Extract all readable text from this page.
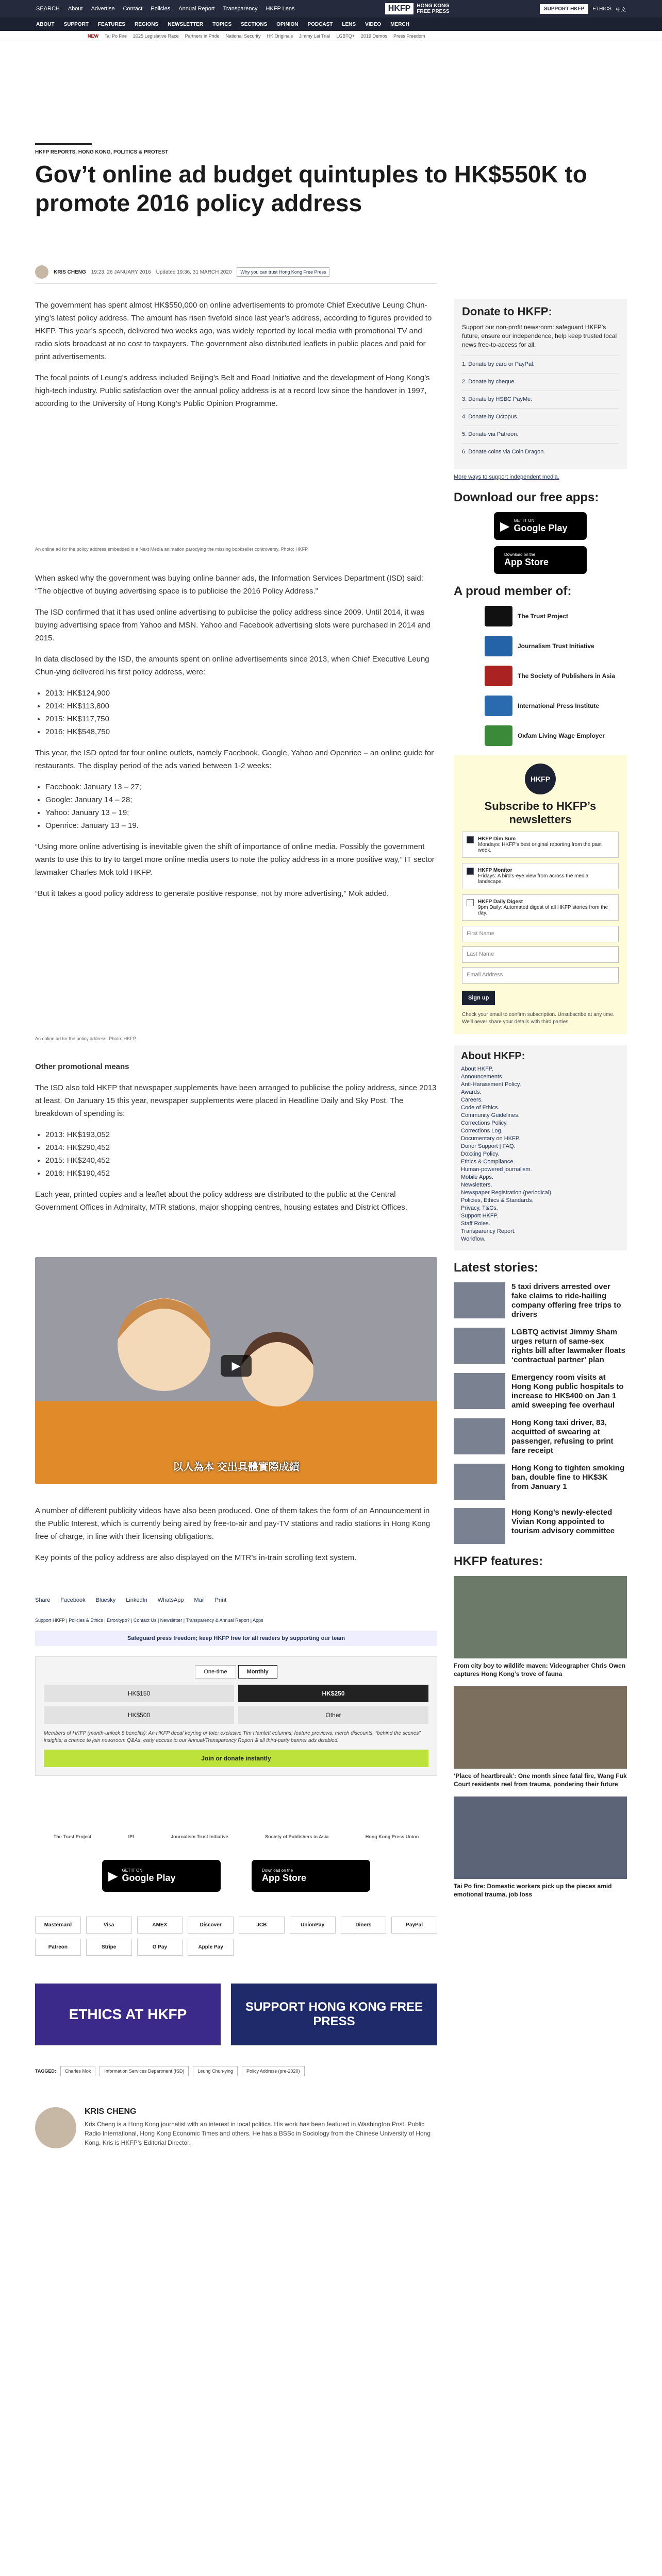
SEARCH About Advertise Contact Policies Annual Report Transparency HKFP Lens	HKFP	HONG KONG
FREE PRESS	SUPPORT HKFP	ETHICS 中文
ABOUT SUPPORT FEATURES REGIONS NEWSLETTER TOPICS SECTIONS OPINION PODCAST LENS VIDEO MERCH
NEW Tai Po Fire 2025 Legislative Race Partners in Pride National Security HK Originals Jimmy Lai Trial LGBTQ+ 2019 Demos Press Freedom
HKFP REPORTS, HONG KONG, POLITICS & PROTEST
Gov’t online ad budget quintuples to HK$550K to promote 2016 policy address
KRIS CHENG 19:23, 26 JANUARY 2016 Updated 19:36, 31 MARCH 2020	Why you can trust Hong Kong Free Press

The government has spent almost HK$550,000 on online advertisements to promote Chief Executive Leung Chun-ying’s latest policy address. The amount has risen fivefold since last year’s address, according to figures provided to HKFP. This year’s speech, delivered two weeks ago, was widely reported by local media with promotional TV and radio slots broadcast at no cost to taxpayers. The government also distributed leaflets in public places and paid for print advertisements.

The focal points of Leung’s address included Beijing’s Belt and Road Initiative and the development of Hong Kong’s high-tech industry. Public satisfaction over the annual policy address is at a record low since the handover in 1997, according to the University of Hong Kong’s Public Opinion Programme.

An online ad for the policy address embedded in a Next Media animation parodying the missing bookseller controversy. Photo: HKFP.

When asked why the government was buying online banner ads, the Information Services Department (ISD) said: “The objective of buying advertising space is to publicise the 2016 Policy Address.”

The ISD confirmed that it has used online advertising to publicise the policy address since 2009. Until 2014, it was buying advertising space from Yahoo and MSN. Yahoo and Facebook advertising slots were purchased in 2014 and 2015.

In data disclosed by the ISD, the amounts spent on online advertisements since 2013, when Chief Executive Leung Chun-ying delivered his first policy address, were:

• 2013: HK$124,900
• 2014: HK$113,800
• 2015: HK$117,750
• 2016: HK$548,750

This year, the ISD opted for four online outlets, namely Facebook, Google, Yahoo and Openrice – an online guide for restaurants. The display period of the ads varied between 1-2 weeks:

• Facebook: January 13 – 27;
• Google: January 14 – 28;
• Yahoo: January 13 – 19;
• Openrice: January 13 – 19.

“Using more online advertising is inevitable given the shift of importance of online media. Possibly the government wants to use this to try to target more online media users to note the policy address in a more positive way,” IT sector lawmaker Charles Mok told HKFP.

“But it takes a good policy address to generate positive response, not by more advertising,” Mok added.

An online ad for the policy address. Photo: HKFP.
Other promotional means

The ISD also told HKFP that newspaper supplements have been arranged to publicise the policy address, since 2013 at least. On January 15 this year, newspaper supplements were placed in Headline Daily and Sky Post. The breakdown of spending is:

• 2013: HK$193,052
• 2014: HK$290,452
• 2015: HK$240,452
• 2016: HK$190,452

Each year, printed copies and a leaflet about the policy address are distributed to the public at the Central Government Offices in Admiralty, MTR stations, major shopping centres, housing estates and District Offices.

▶
以人為本 交出具體實際成績

A number of different publicity videos have also been produced. One of them takes the form of an Announcement in the Public Interest, which is currently being aired by free-to-air and pay-TV stations and radio stations in Hong Kong free of charge, in line with their licensing obligations.

Key points of the policy address are also displayed on the MTR’s in-train scrolling text system.

Share Facebook Bluesky LinkedIn WhatsApp Mail Print
Support HKFP | Policies & Ethics | Error/typo? | Contact Us | Newsletter | Transparency & Annual Report | Apps
Safeguard press freedom; keep HKFP free for all readers by supporting our team
One-time	Monthly
HK$150	HK$250
HK$500	Other
Members of HKFP (month-unlock 8 benefits): An HKFP decal keyring or tote; exclusive Tim Hamlett columns; feature previews; merch discounts, “behind the scenes” insights; a chance to join newsroom Q&As, early access to our Annual/Transparency Report & all third-party banner ads disabled.
Join or donate instantly
The Trust Project	IPI	Journalism Trust Initiative	Society of Publishers in Asia	Hong Kong Press Union
▶ GET IT ON
Google Play
Download on the
App Store
Mastercard	Visa	AMEX	Discover	JCB	UnionPay	Diners	PayPal
Patreon	Stripe	G Pay	Apple Pay
ETHICS AT HKFP	SUPPORT HONG KONG FREE PRESS
TAGGED:	Charles Mok	Information Services Department (ISD)	Leung Chun-ying	Policy Address (pre-2020)
KRIS CHENG
Kris Cheng is a Hong Kong journalist with an interest in local politics. His work has been featured in Washington Post, Public Radio International, Hong Kong Economic Times and others. He has a BSSc in Sociology from the Chinese University of Hong Kong. Kris is HKFP’s Editorial Director.
Donate to HKFP:

Support our non-profit newsroom: safeguard HKFP’s future, ensure our independence, help keep trusted local news free-to-access for all.

1. Donate by card or PayPal.
2. Donate by cheque.
3. Donate by HSBC PayMe.
4. Donate by Octopus.
5. Donate via Patreon.
6. Donate coins via Coin Dragon.
More ways to support independent media.
Download our free apps:
▶ GET IT ON
Google Play
Download on the
App Store
A proud member of:
The Trust Project
Journalism Trust Initiative
The Society of Publishers in Asia
International Press Institute
Oxfam Living Wage Employer
HKFP
Subscribe to HKFP’s newsletters
HKFP Dim Sum
Mondays: HKFP’s best original reporting from the past week.
HKFP Monitor
Fridays: A bird’s-eye view from across the media landscape.
HKFP Daily Digest
9pm Daily: Automated digest of all HKFP stories from the day.
First Name
Last Name
Email Address
Sign up
Check your email to confirm subscription. Unsubscribe at any time. We'll never share your details with third parties.
About HKFP:
About HKFP.
Announcements.
Anti-Harassment Policy.
Awards.
Careers.
Code of Ethics.
Community Guidelines.
Corrections Policy.
Corrections Log.
Documentary on HKFP.
Donor Support | FAQ.
Doxxing Policy.
Ethics & Compliance.
Human-powered journalism.
Mobile Apps.
Newsletters.
Newspaper Registration (periodical).
Policies, Ethics & Standards.
Privacy, T&Cs.
Support HKFP.
Staff Roles.
Transparency Report.
Workflow.
Latest stories:
5 taxi drivers arrested over fake claims to ride-hailing company offering free trips to drivers
LGBTQ activist Jimmy Sham urges return of same-sex rights bill after lawmaker floats ‘contractual partner’ plan
Emergency room visits at Hong Kong public hospitals to increase to HK$400 on Jan 1 amid sweeping fee overhaul
Hong Kong taxi driver, 83, acquitted of swearing at passenger, refusing to print fare receipt
Hong Kong to tighten smoking ban, double fine to HK$3K from January 1
Hong Kong’s newly-elected Vivian Kong appointed to tourism advisory committee
HKFP features:
From city boy to wildlife maven: Videographer Chris Owen captures Hong Kong’s trove of fauna
‘Place of heartbreak’: One month since fatal fire, Wang Fuk Court residents reel from trauma, pondering their future
Tai Po fire: Domestic workers pick up the pieces amid emotional trauma, job loss
